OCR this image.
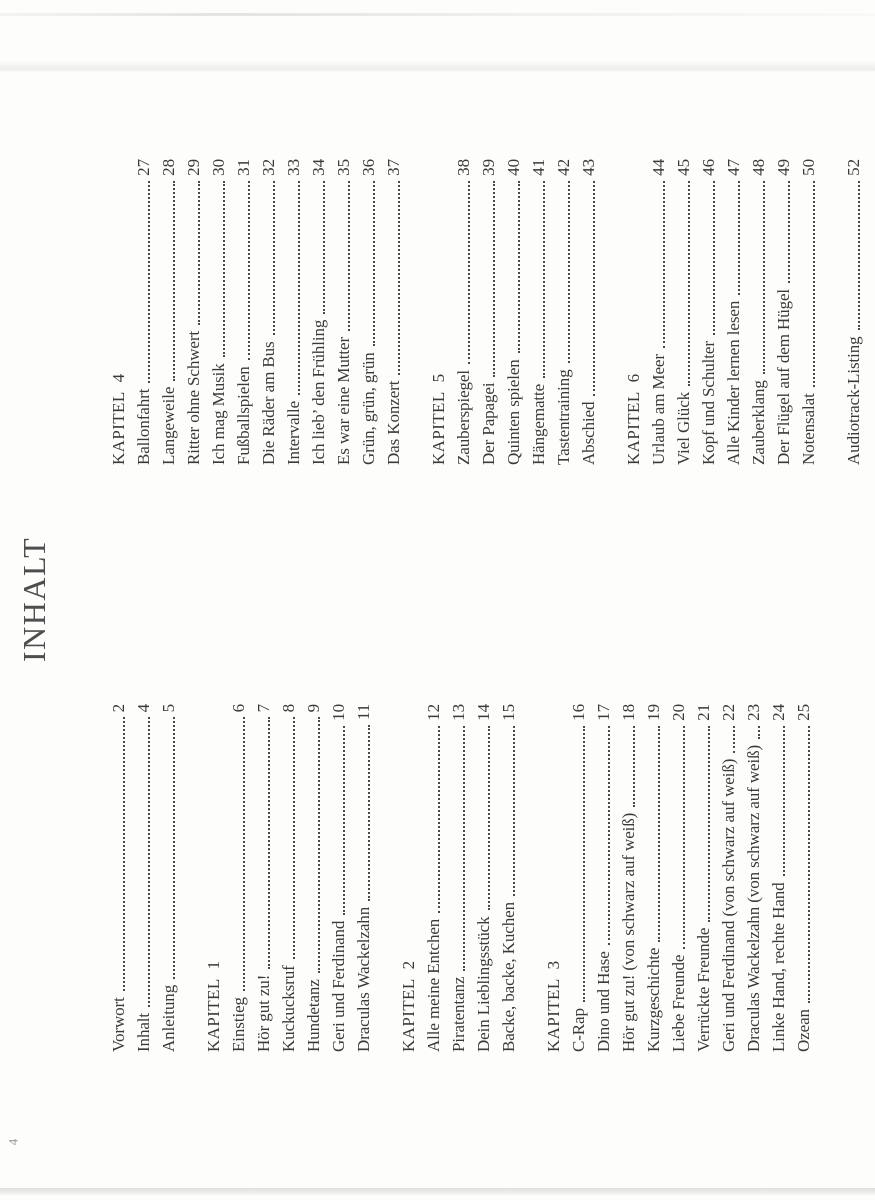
INHALT
Vorwort
2
Inhalt
4
Anleitung
5
KAPITEL 1 Einstieg
6
Hör gut zu!
7
Kuckucksruf
8
Hundetanz
9
Geri und Ferdinand
10
Draculas Wackelzahn
11
KAPITEL 2 Alle meine Entchen
12
Piratentanz
13
Dein Lieblingsstück
14
Backe, backe, Kuchen
15
KAPITEL 3 C-Rap
16
Dino und Hase
17
Hör gut zu! (von schwarz auf weiß)
18
Kurzgeschichte
19
Liebe Freunde
20
Verrückte Freunde
21
Geri und Ferdinand (von schwarz auf weiß)
22
Draculas Wackelzahn (von schwarz auf weiß)
23
Linke Hand, rechte Hand
24
Ozean
25
KAPITEL 4 Ballonfahrt
27
Langeweile
28
Ritter ohne Schwert
29
Ich mag Musik
30
Fußballspielen
31
Die Räder am Bus
32
Intervalle
33
Ich lieb’ den Frühling
34
Es war eine Mutter
35
Grün, grün, grün
36
Das Konzert
37
KAPITEL 5 Zauberspiegel
38
Der Papagei
39
Quinten spielen
40
Hängematte
41
Tastentraining
42
Abschied
43
KAPITEL 6 Urlaub am Meer
44
Viel Glück
45
Kopf und Schulter
46
Alle Kinder lernen lesen
47
Zauberklang
48
Der Flügel auf dem Hügel
49
Notensalat
50
Audiotrack-Listing
52
4
